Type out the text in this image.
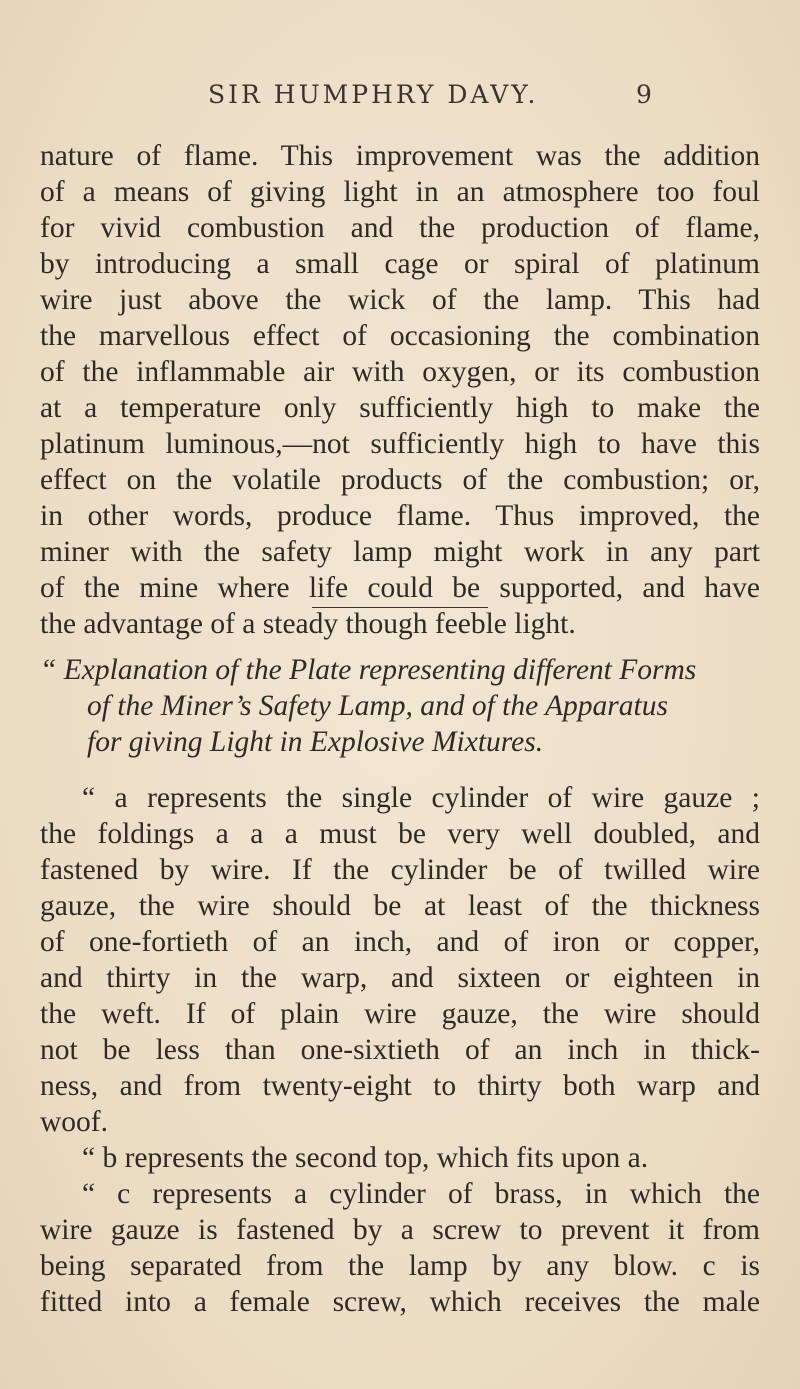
SIR HUMPHRY DAVY.	9
nature of flame. This improvement was the addition
of a means of giving light in an atmosphere too foul
for vivid combustion and the production of flame,
by introducing a small cage or spiral of platinum
wire just above the wick of the lamp. This had
the marvellous effect of occasioning the combination
of the inflammable air with oxygen, or its combustion
at a temperature only sufficiently high to make the
platinum luminous,—not sufficiently high to have this
effect on the volatile products of the combustion; or,
in other words, produce flame. Thus improved, the
miner with the safety lamp might work in any part
of the mine where life could be supported, and have
the advantage of a steady though feeble light.
“ Explanation of the Plate representing different Forms
of the Miner’s Safety Lamp, and of the Apparatus
for giving Light in Explosive Mixtures.
“ a represents the single cylinder of wire gauze ;
the foldings a a a must be very well doubled, and
fastened by wire. If the cylinder be of twilled wire
gauze, the wire should be at least of the thickness
of one-fortieth of an inch, and of iron or copper,
and thirty in the warp, and sixteen or eighteen in
the weft. If of plain wire gauze, the wire should
not be less than one-sixtieth of an inch in thick-
ness, and from twenty-eight to thirty both warp and
woof.
“ b represents the second top, which fits upon a.
“ c represents a cylinder of brass, in which the
wire gauze is fastened by a screw to prevent it from
being separated from the lamp by any blow. c is
fitted into a female screw, which receives the male
